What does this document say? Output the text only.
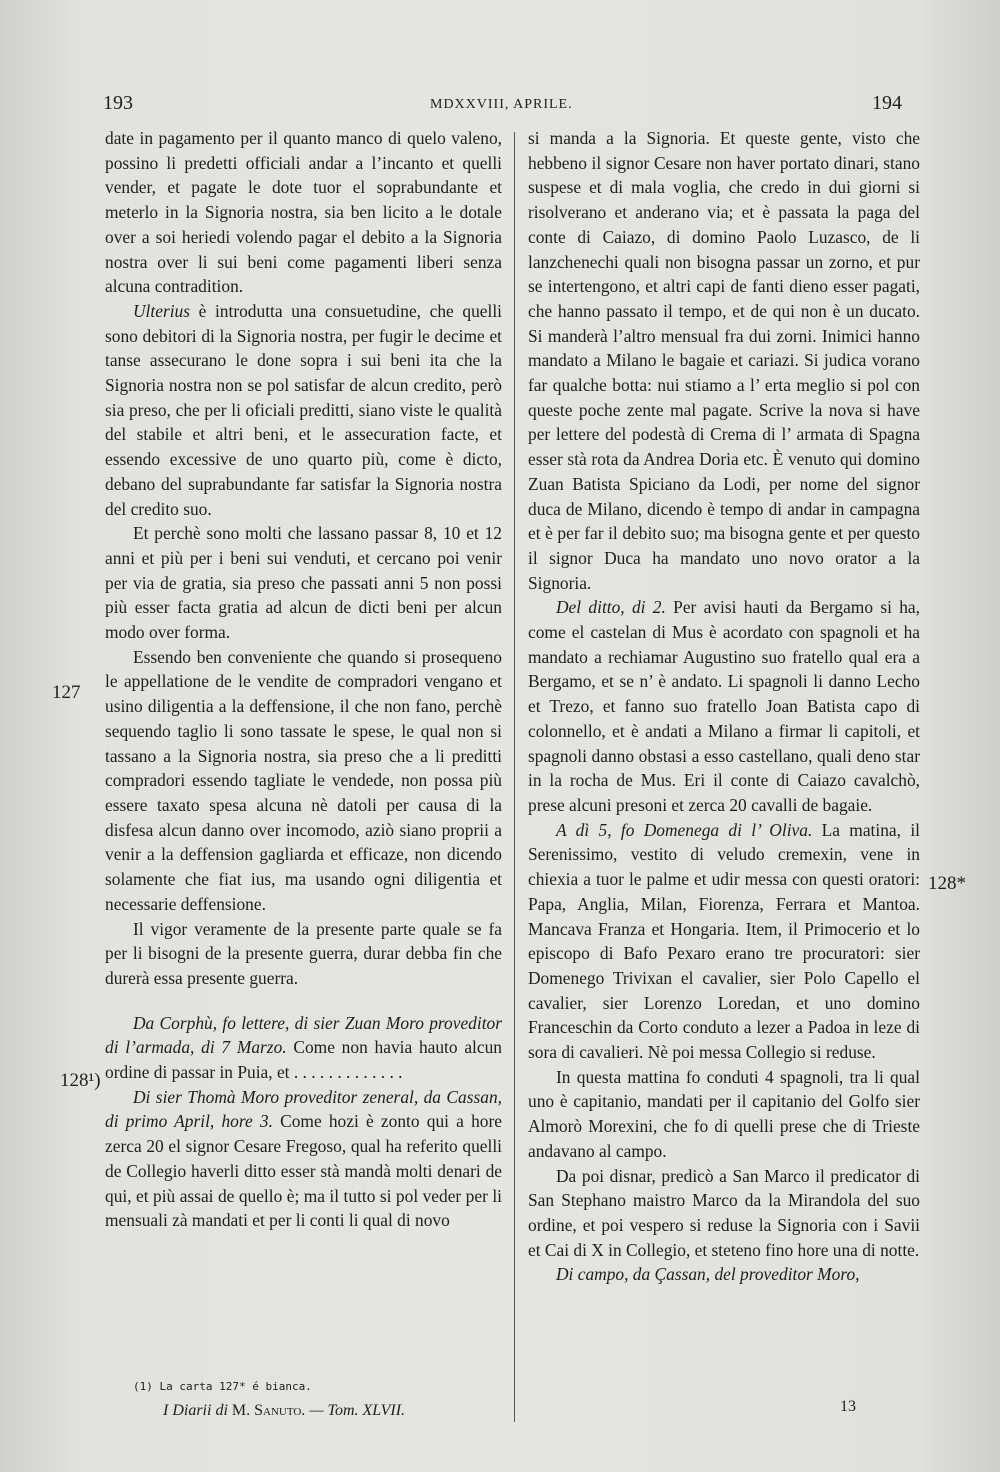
193	MDXXVIII, APRILE.	194

date in pagamento per il quanto manco di quelo valeno, possino li predetti officiali andar a l’incanto et quelli vender, et pagate le dote tuor el soprabundante et meterlo in la Signoria nostra, sia ben licito a le dotale over a soi heriedi volendo pagar el debito a la Signoria nostra over li sui beni come pagamenti liberi senza alcuna contradition.

Ulterius è introdutta una consuetudine, che quelli sono debitori di la Signoria nostra, per fugir le decime et tanse assecurano le done sopra i sui beni ita che la Signoria nostra non se pol satisfar de alcun credito, però sia preso, che per li oficiali preditti, siano viste le qualità del stabile et altri beni, et le assecuration facte, et essendo excessive de uno quarto più, come è dicto, debano del suprabundante far satisfar la Signoria nostra del credito suo.

Et perchè sono molti che lassano passar 8, 10 et 12 anni et più per i beni sui venduti, et cercano poi venir per via de gratia, sia preso che passati anni 5 non possi più esser facta gratia ad alcun de dicti beni per alcun modo over forma.

Essendo ben conveniente che quando si prosequeno le appellatione de le vendite de compradori vengano et usino diligentia a la deffensione, il che non fano, perchè sequendo taglio li sono tassate le spese, le qual non si tassano a la Signoria nostra, sia preso che a li preditti compradori essendo tagliate le vendede, non possa più essere taxato spesa alcuna nè datoli per causa di la disfesa alcun danno over incomodo, aziò siano proprii a venir a la deffension gagliarda et efficaze, non dicendo solamente che fiat ius, ma usando ogni diligentia et necessarie deffensione.

Il vigor veramente de la presente parte quale se fa per li bisogni de la presente guerra, durar debba fin che durerà essa presente guerra.

Da Corphù, fo lettere, di sier Zuan Moro proveditor di l’armada, di 7 Marzo. Come non havia hauto alcun ordine di passar in Puia, et . . . . . . . . . . . . .

Di sier Thomà Moro proveditor zeneral, da Cassan, di primo April, hore 3. Come hozi è zonto qui a hore zerca 20 el signor Cesare Fregoso, qual ha referito quelli de Collegio haverli ditto esser stà mandà molti denari de qui, et più assai de quello è; ma il tutto si pol veder per li mensuali zà mandati et per li conti li qual di novo

si manda a la Signoria. Et queste gente, visto che hebbeno il signor Cesare non haver portato dinari, stano suspese et di mala voglia, che credo in dui giorni si risolverano et anderano via; et è passata la paga del conte di Caiazo, di domino Paolo Luzasco, de li lanzchenechi quali non bisogna passar un zorno, et pur se intertengono, et altri capi de fanti dieno esser pagati, che hanno passato il tempo, et de qui non è un ducato. Si manderà l’altro mensual fra dui zorni. Inimici hanno mandato a Milano le bagaie et cariazi. Si judica vorano far qualche botta: nui stiamo a l’ erta meglio si pol con queste poche zente mal pagate. Scrive la nova si have per lettere del podestà di Crema di l’ armata di Spagna esser stà rota da Andrea Doria etc. È venuto qui domino Zuan Batista Spiciano da Lodi, per nome del signor duca de Milano, dicendo è tempo di andar in campagna et è per far il debito suo; ma bisogna gente et per questo il signor Duca ha mandato uno novo orator a la Signoria.

Del ditto, di 2. Per avisi hauti da Bergamo si ha, come el castelan di Mus è acordato con spagnoli et ha mandato a rechiamar Augustino suo fratello qual era a Bergamo, et se n’ è andato. Li spagnoli li danno Lecho et Trezo, et fanno suo fratello Joan Batista capo di colonnello, et è andati a Milano a firmar li capitoli, et spagnoli danno obstasi a esso castellano, quali deno star in la rocha de Mus. Eri il conte di Caiazo cavalchò, prese alcuni presoni et zerca 20 cavalli de bagaie.

A dì 5, fo Domenega di l’ Oliva. La matina, il Serenissimo, vestito di veludo cremexin, vene in chiexia a tuor le palme et udir messa con questi oratori: Papa, Anglia, Milan, Fiorenza, Ferrara et Mantoa. Mancava Franza et Hongaria. Item, il Primocerio et lo episcopo di Bafo Pexaro erano tre procuratori: sier Domenego Trivixan el cavalier, sier Polo Capello el cavalier, sier Lorenzo Loredan, et uno domino Franceschin da Corto conduto a lezer a Padoa in leze di sora di cavalieri. Nè poi messa Collegio si reduse.

In questa mattina fo conduti 4 spagnoli, tra li qual uno è capitanio, mandati per il capitanio del Golfo sier Almorò Morexini, che fo di quelli prese che di Trieste andavano al campo.

Da poi disnar, predicò a San Marco il predicator di San Stephano maistro Marco da la Mirandola del suo ordine, et poi vespero si reduse la Signoria con i Savii et Cai di X in Collegio, et steteno fino hore una di notte.

Di campo, da Çassan, del proveditor Moro,

127
128¹)
128*
(1) La carta 127* é bianca.
I Diarii di M. Sanuto. — Tom. XLVII.	13
